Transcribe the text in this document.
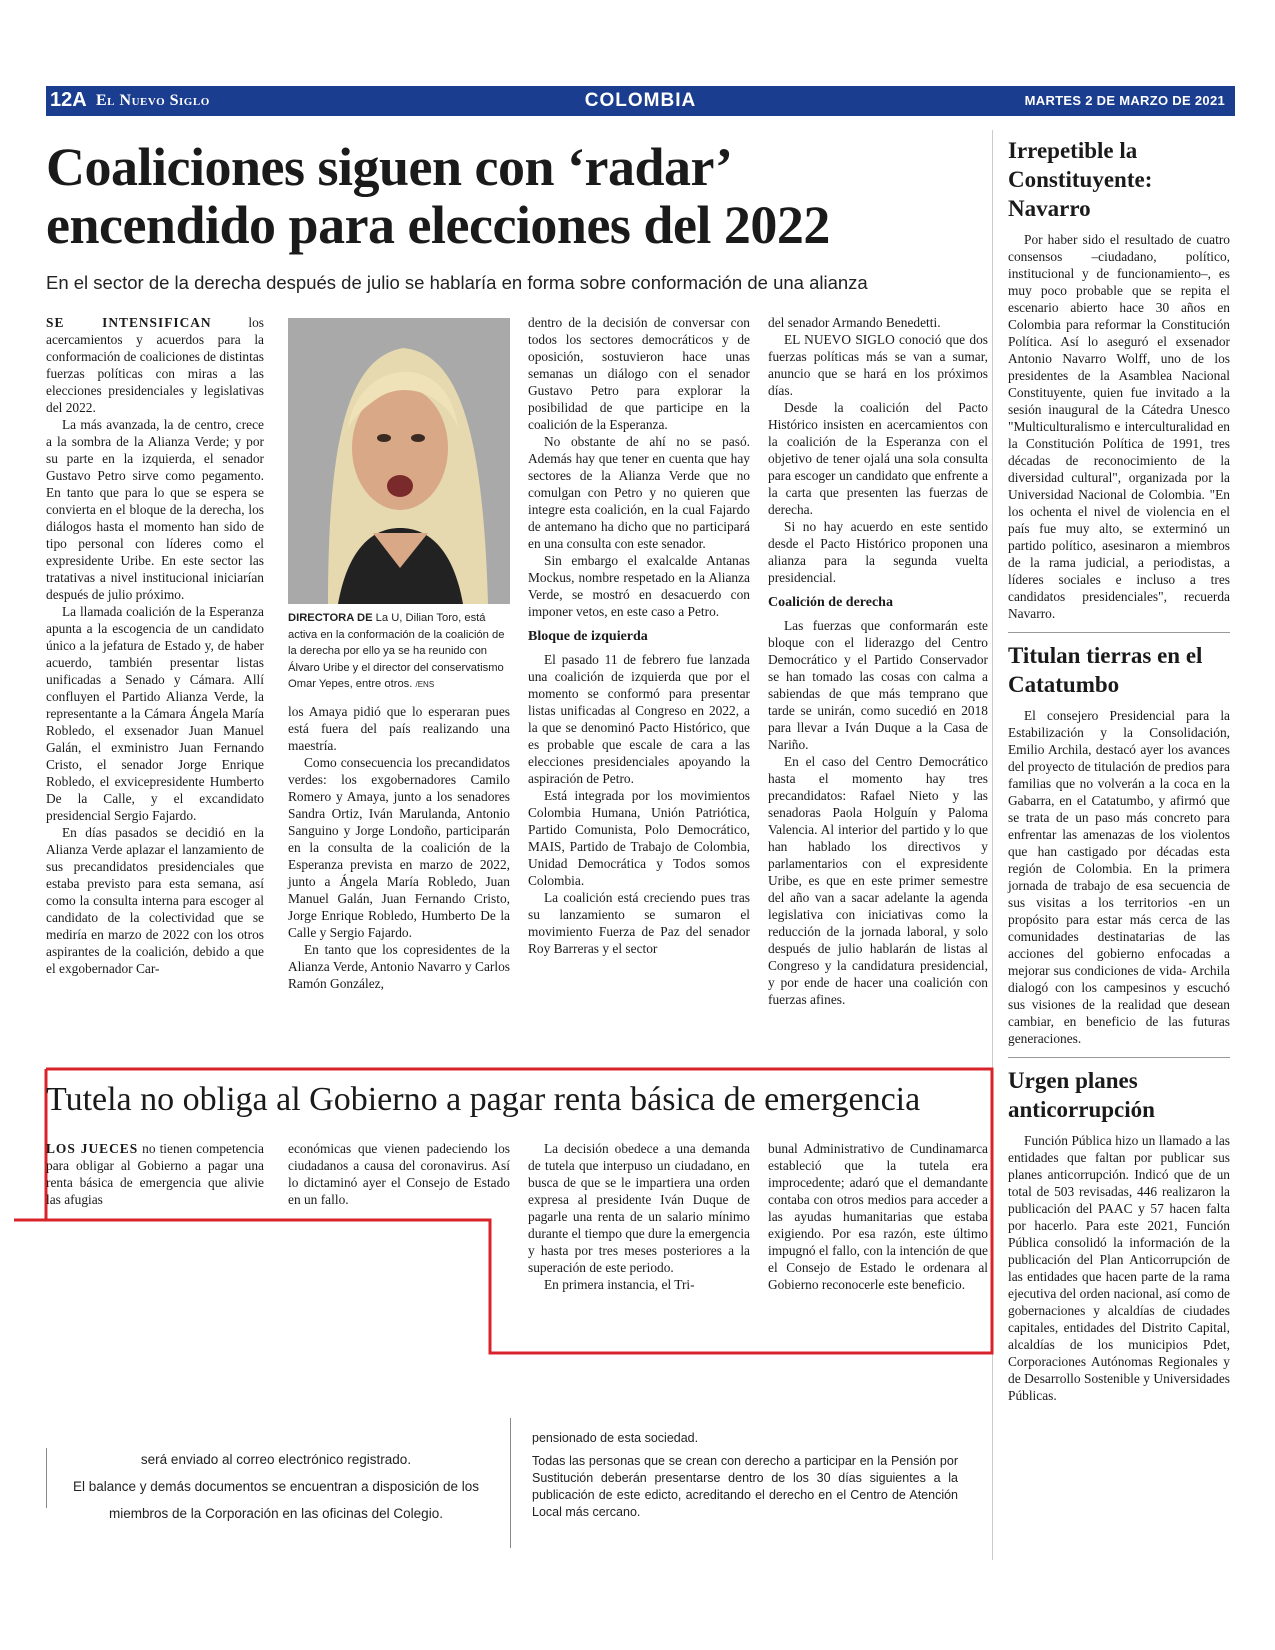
12A El Nuevo Siglo	COLOMBIA	MARTES 2 DE MARZO DE 2021
Coaliciones siguen con ‘radar’
encendido para elecciones del 2022
En el sector de la derecha después de julio se hablaría en forma sobre conformación de una alianza

SE INTENSIFICAN	los acercamientos y acuerdos para la conformación de coaliciones de distintas fuerzas políticas con miras a las elecciones presidenciales y legislativas del 2022.

La más avanzada, la de centro, crece a la sombra de la Alianza Verde; y por su parte en la izquierda, el senador Gustavo Petro sirve como pegamento. En tanto que para lo que se espera se convierta en el bloque de la derecha, los diálogos hasta el momento han sido de tipo personal con líderes como el expresidente Uribe. En este sector las tratativas a nivel institucional iniciarían después de julio próximo.

La llamada coalición de la Esperanza apunta a la escogencia de un candidato único a la jefatura de Estado y, de haber acuerdo, también presentar listas unificadas a Senado y Cámara. Allí confluyen el Partido Alianza Verde, la representante a la Cámara Ángela María Robledo, el exsenador Juan Manuel Galán, el exministro Juan Fernando Cristo, el senador Jorge Enrique Robledo, el exvicepresidente Humberto De la Calle, y el excandidato presidencial Sergio Fajardo.

En días pasados se decidió en la Alianza Verde aplazar el lanzamiento de sus precandidatos presidenciales que estaba previsto para esta semana, así como la consulta interna para escoger al candidato de la colectividad que se mediría en marzo de 2022 con los otros aspirantes de la coalición, debido a que el exgobernador Car-

DIRECTORA DE La U, Dilian Toro, está activa en la conformación de la coalición de la derecha por ello ya se ha reunido con Álvaro Uribe y el director del conservatismo Omar Yepes, entre otros. /ENS

los Amaya pidió que lo esperaran pues está fuera del país realizando una maestría.

Como consecuencia los precandidatos verdes: los exgobernadores Camilo Romero y Amaya, junto a los senadores Sandra Ortiz, Iván Marulanda, Antonio Sanguino y Jorge Londoño, participarán en la consulta de la coalición de la Esperanza prevista en marzo de 2022, junto a Ángela María Robledo, Juan Manuel Galán, Juan Fernando Cristo, Jorge Enrique Robledo, Humberto De la Calle y Sergio Fajardo.

En tanto que los copresidentes de la Alianza Verde, Antonio Navarro y Carlos Ramón González,

dentro de la decisión de conversar con todos los sectores democráticos y de oposición, sostuvieron hace unas semanas un diálogo con el senador Gustavo Petro para explorar la posibilidad de que participe en la coalición de la Esperanza.

No obstante de ahí no se pasó. Además hay que tener en cuenta que hay sectores de la Alianza Verde que no comulgan con Petro y no quieren que integre esta coalición, en la cual Fajardo de antemano ha dicho que no participará en una consulta con este senador.

Sin embargo el exalcalde Antanas Mockus, nombre respetado en la Alianza Verde, se mostró en desacuerdo con imponer vetos, en este caso a Petro.

Bloque de izquierda

El pasado 11 de febrero fue lanzada una coalición de izquierda que por el momento se conformó para presentar listas unificadas al Congreso en 2022, a la que se denominó Pacto Histórico, que es probable que escale de cara a las elecciones presidenciales apoyando la aspiración de Petro.

Está integrada por los movimientos Colombia Humana, Unión Patriótica, Partido Comunista, Polo Democrático, MAIS, Partido de Trabajo de Colombia, Unidad Democrática y Todos somos Colombia.

La coalición está creciendo pues tras su lanzamiento se sumaron el movimiento Fuerza de Paz del senador Roy Barreras y el sector

del senador Armando Benedetti.

EL NUEVO SIGLO conoció que dos fuerzas políticas más se van a sumar, anuncio que se hará en los próximos días.

Desde la coalición del Pacto Histórico insisten en acercamientos con la coalición de la Esperanza con el objetivo de tener ojalá una sola consulta para escoger un candidato que enfrente a la carta que presenten las fuerzas de derecha.

Si no hay acuerdo en este sentido desde el Pacto Histórico proponen una alianza para la segunda vuelta presidencial.

Coalición de derecha

Las fuerzas que conformarán este bloque con el liderazgo del Centro Democrático y el Partido Conservador se han tomado las cosas con calma a sabiendas de que más temprano que tarde se unirán, como sucedió en 2018 para llevar a Iván Duque a la Casa de Nariño.

En el caso del Centro Democrático hasta el momento hay tres precandidatos: Rafael Nieto y las senadoras Paola Holguín y Paloma Valencia. Al interior del partido y lo que han hablado los directivos y parlamentarios con el expresidente Uribe, es que en este primer semestre del año van a sacar adelante la agenda legislativa con iniciativas como la reducción de la jornada laboral, y solo después de julio hablarán de listas al Congreso y la candidatura presidencial, y por ende de hacer una coalición con fuerzas afines.

Irrepetible la Constituyente: Navarro

Por haber sido el resultado de cuatro consensos –ciudadano, político, institucional y de funcionamiento–, es muy poco probable que se repita el escenario abierto hace 30 años en Colombia para reformar la Constitución Política. Así lo aseguró el exsenador Antonio Navarro Wolff, uno de los presidentes de la Asamblea Nacional Constituyente, quien fue invitado a la sesión inaugural de la Cátedra Unesco "Multiculturalismo e interculturalidad en la Constitución Política de 1991, tres décadas de reconocimiento de la diversidad cultural", organizada por la Universidad Nacional de Colombia. "En los ochenta el nivel de violencia en el país fue muy alto, se exterminó un partido político, asesinaron a miembros de la rama judicial, a periodistas, a líderes sociales e incluso a tres candidatos presidenciales", recuerda Navarro.

Titulan tierras en el Catatumbo

El consejero Presidencial para la Estabilización y la Consolidación, Emilio Archila, destacó ayer los avances del proyecto de titulación de predios para familias que no volverán a la coca en la Gabarra, en el Catatumbo, y afirmó que se trata de un paso más concreto para enfrentar las amenazas de los violentos que han castigado por décadas esta región de Colombia. En la primera jornada de trabajo de esa secuencia de sus visitas a los territorios -en un propósito para estar más cerca de las comunidades destinatarias de las acciones del gobierno enfocadas a mejorar sus condiciones de vida- Archila dialogó con los campesinos y escuchó sus visiones de la realidad que desean cambiar, en beneficio de las futuras generaciones.

Urgen planes anticorrupción

Función Pública hizo un llamado a las entidades que faltan por publicar sus planes anticorrupción. Indicó que de un total de 503 revisadas, 446 realizaron la publicación del PAAC y 57 hacen falta por hacerlo. Para este 2021, Función Pública consolidó la información de la publicación del Plan Anticorrupción de las entidades que hacen parte de la rama ejecutiva del orden nacional, así como de gobernaciones y alcaldías de ciudades capitales, entidades del Distrito Capital, alcaldías de los municipios Pdet, Corporaciones Autónomas Regionales y de Desarrollo Sostenible y Universidades Públicas.

Tutela no obliga al Gobierno a pagar renta básica de emergencia

LOS JUECES no tienen competencia para obligar al Gobierno a pagar una renta básica de emergencia que alivie las afugias

económicas que vienen padeciendo los ciudadanos a causa del coronavirus. Así lo dictaminó ayer el Consejo de Estado en un fallo.

La decisión obedece a una demanda de tutela que interpuso un ciudadano, en busca de que se le impartiera una orden expresa al presidente Iván Duque de pagarle una renta de un salario mínimo durante el tiempo que dure la emergencia y hasta por tres meses posteriores a la superación de este periodo.

En primera instancia, el Tri-

bunal Administrativo de Cundinamarca estableció que la tutela era improcedente; adaró que el demandante contaba con otros medios para acceder a las ayudas humanitarias que estaba exigiendo. Por esa razón, este último impugnó el fallo, con la intención de que el Consejo de Estado le ordenara al Gobierno reconocerle este beneficio.

será enviado al correo electrónico registrado.
El balance y demás documentos se encuentran a disposición de los miembros de la Corporación en las oficinas del Colegio.
pensionado de esta sociedad.
Todas las personas que se crean con derecho a participar en la Pensión por Sustitución deberán presentarse dentro de los 30 días siguientes a la publicación de este edicto, acreditando el derecho en el Centro de Atención Local más cercano.
